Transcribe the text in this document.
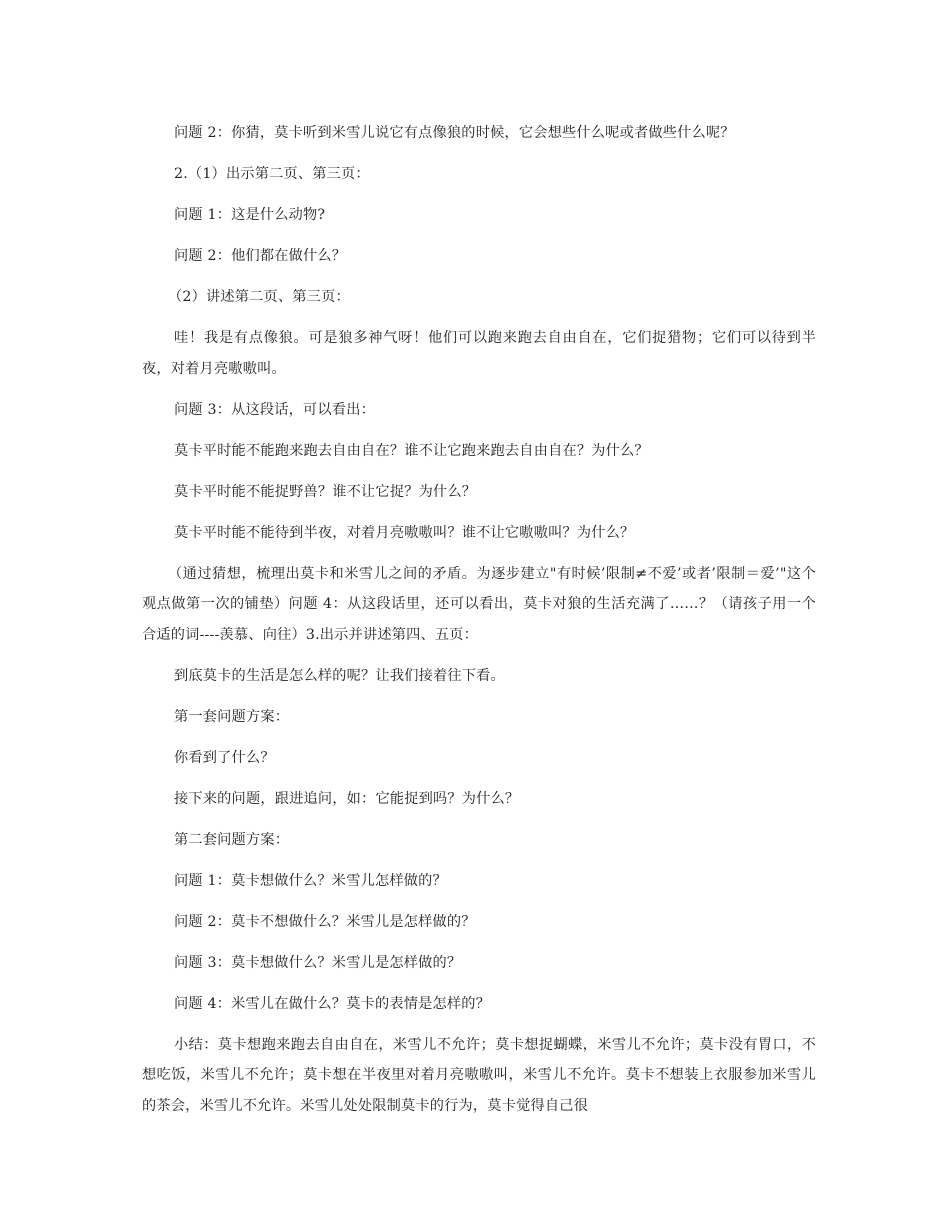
问题 2：你猜，莫卡听到米雪儿说它有点像狼的时候，它会想些什么呢或者做些什么呢？

2.（1）出示第二页、第三页：

问题 1：这是什么动物?

问题 2：他们都在做什么？

（2）讲述第二页、第三页：

哇！我是有点像狼。可是狼多神气呀！他们可以跑来跑去自由自在，它们捉猎物；它们可以待到半夜，对着月亮嗷嗷叫。

问题 3：从这段话，可以看出：

莫卡平时能不能跑来跑去自由自在？谁不让它跑来跑去自由自在？为什么？

莫卡平时能不能捉野兽？谁不让它捉？为什么？

莫卡平时能不能待到半夜，对着月亮嗷嗷叫？谁不让它嗷嗷叫？为什么？

（通过猜想，梳理出莫卡和米雪儿之间的矛盾。为逐步建立"有时候’限制≠不爱’或者’限制＝爱’"这个观点做第一次的铺垫）问题 4：从这段话里，还可以看出，莫卡对狼的生活充满了……？（请孩子用一个合适的词----羡慕、向往）3.出示并讲述第四、五页：

到底莫卡的生活是怎么样的呢？让我们接着往下看。

第一套问题方案：

你看到了什么？

接下来的问题，跟进追问，如：它能捉到吗？为什么？

第二套问题方案：

问题 1：莫卡想做什么？米雪儿怎样做的？

问题 2：莫卡不想做什么？米雪儿是怎样做的？

问题 3：莫卡想做什么？米雪儿是怎样做的？

问题 4：米雪儿在做什么？莫卡的表情是怎样的？

小结：莫卡想跑来跑去自由自在，米雪儿不允许；莫卡想捉蝴蝶，米雪儿不允许；莫卡没有胃口，不想吃饭，米雪儿不允许；莫卡想在半夜里对着月亮嗷嗷叫，米雪儿不允许。莫卡不想装上衣服参加米雪儿的茶会，米雪儿不允许。米雪儿处处限制莫卡的行为，莫卡觉得自己很
